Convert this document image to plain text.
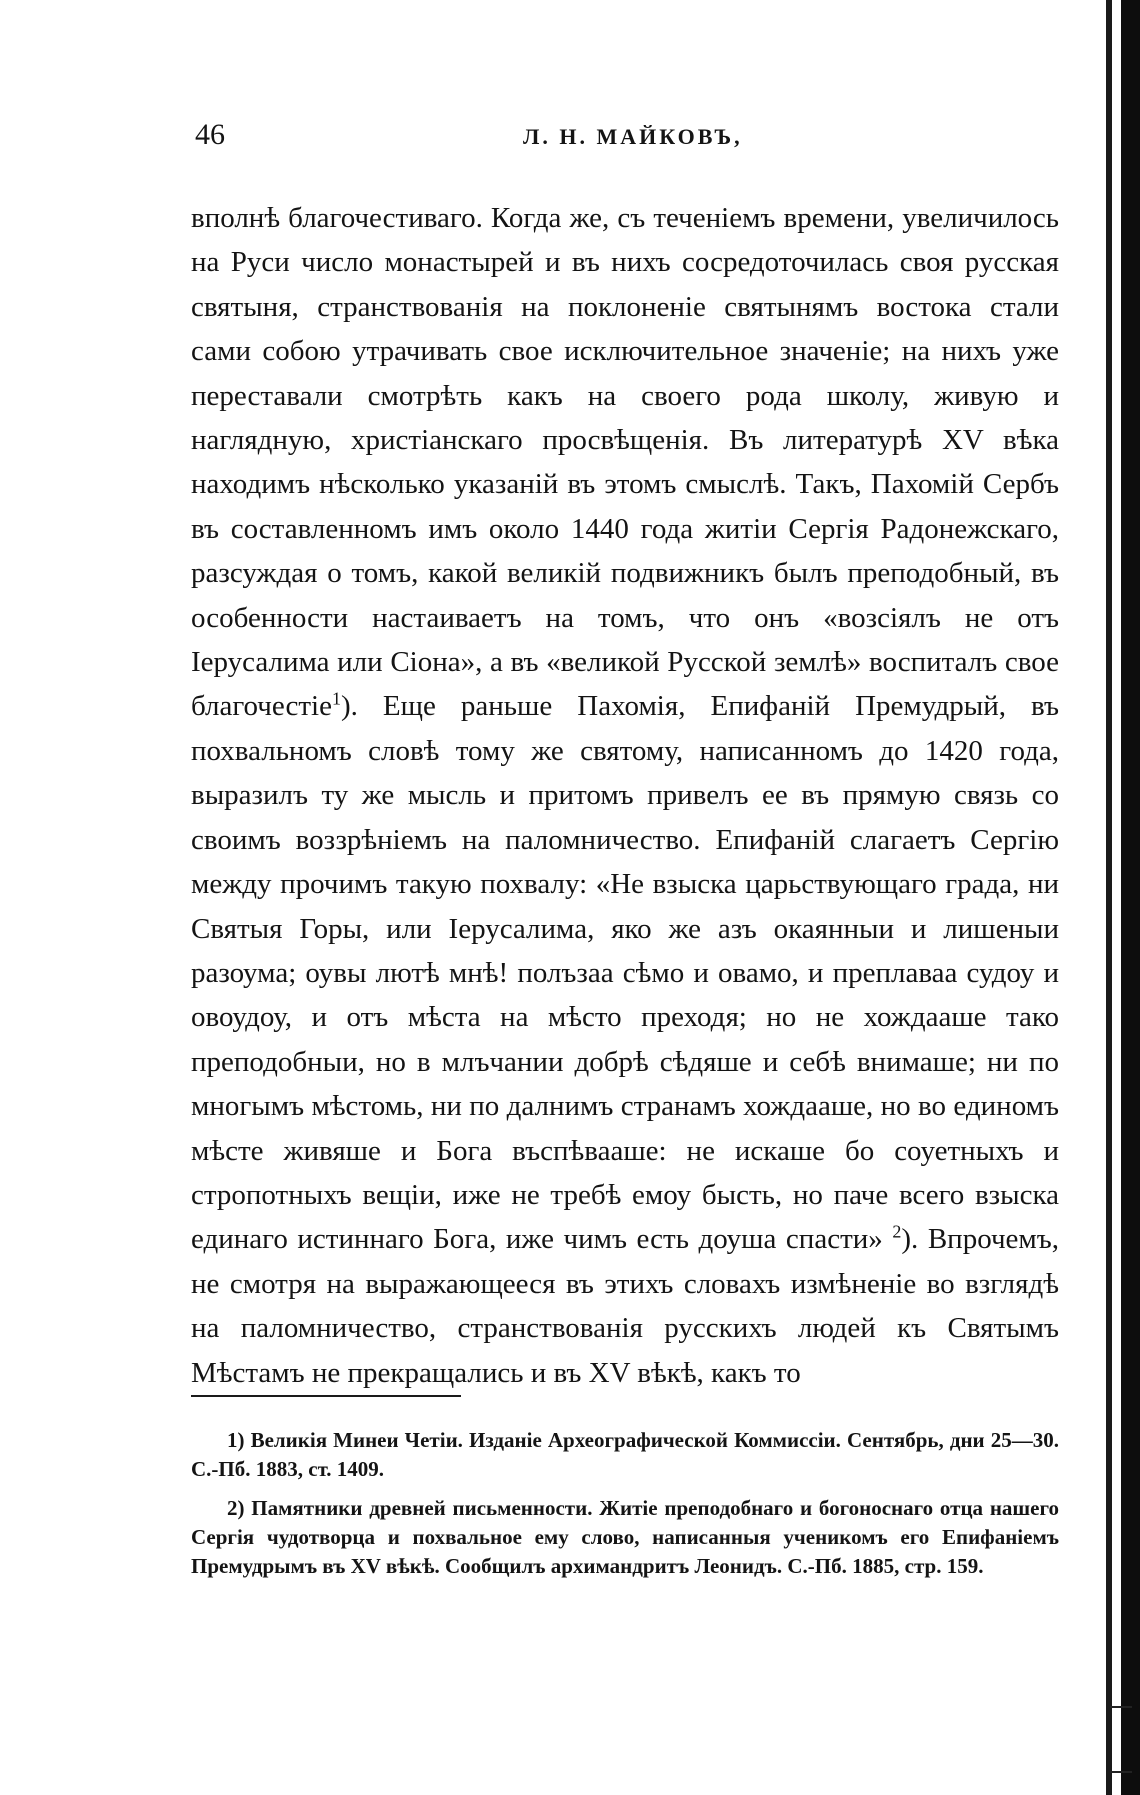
46	Л. Н. МАЙКОВЪ,

вполнѣ благочестиваго. Когда же, съ теченіемъ времени, увеличилось на Руси число монастырей и въ нихъ сосредоточилась своя русская святыня, странствованія на поклоненіе святынямъ востока стали сами собою утрачивать свое исключительное значеніе; на нихъ уже переставали смотрѣть какъ на своего рода школу, живую и наглядную, христіанскаго просвѣщенія. Въ литературѣ XV вѣка находимъ нѣсколько указаній въ этомъ смыслѣ. Такъ, Пахомій Сербъ въ составленномъ имъ около 1440 года житіи Сергія Радонежскаго, разсуждая о томъ, какой великій подвижникъ былъ преподобный, въ особенности настаиваетъ на томъ, что онъ «возсіялъ не отъ Іерусалима или Сіона», а въ «великой Русской землѣ» воспиталъ свое благочестіе$^1$). Еще раньше Пахомія, Епифаній Премудрый, въ похвальномъ словѣ тому же святому, написанномъ до 1420 года, выразилъ ту же мысль и притомъ привелъ ее въ прямую связь со своимъ воззрѣніемъ на паломничество. Епифаній слагаетъ Сергію между прочимъ такую похвалу: «Не взыска царьствующаго града, ни Святыя Горы, или Іерусалима, яко же азъ окаянныи и лишеныи разоума; оувы лютѣ мнѣ! полъзаа сѣмо и овамо, и преплаваа судоу и овоудоу, и отъ мѣста на мѣсто преходя; но не хождааше тако преподобныи, но в млъчании добрѣ сѣдяше и себѣ внимаше; ни по многымъ мѣстомь, ни по далнимъ странамъ хождааше, но во единомъ мѣсте живяше и Бога въспѣвааше: не искаше бо соуетныхъ и стропотныхъ вещіи, иже не требѣ емоу бысть, но паче всего взыска единаго истиннаго Бога, иже чимъ есть доуша спасти» $^2$). Впрочемъ, не смотря на выражающееся въ этихъ словахъ измѣненіе во взглядѣ на паломничество, странствованія русскихъ людей къ Святымъ Мѣстамъ не прекращались и въ XV вѣкѣ, какъ то

1) Великія Минеи Четіи. Изданіе Археографической Коммиссіи. Сентябрь, дни 25—30. С.-Пб. 1883, ст. 1409.

2) Памятники древней письменности. Житіе преподобнаго и богоноснаго отца нашего Сергія чудотворца и похвальное ему слово, написанныя ученикомъ его Епифаніемъ Премудрымъ въ XV вѣкѣ. Сообщилъ архимандритъ Леонидъ. С.-Пб. 1885, стр. 159.
